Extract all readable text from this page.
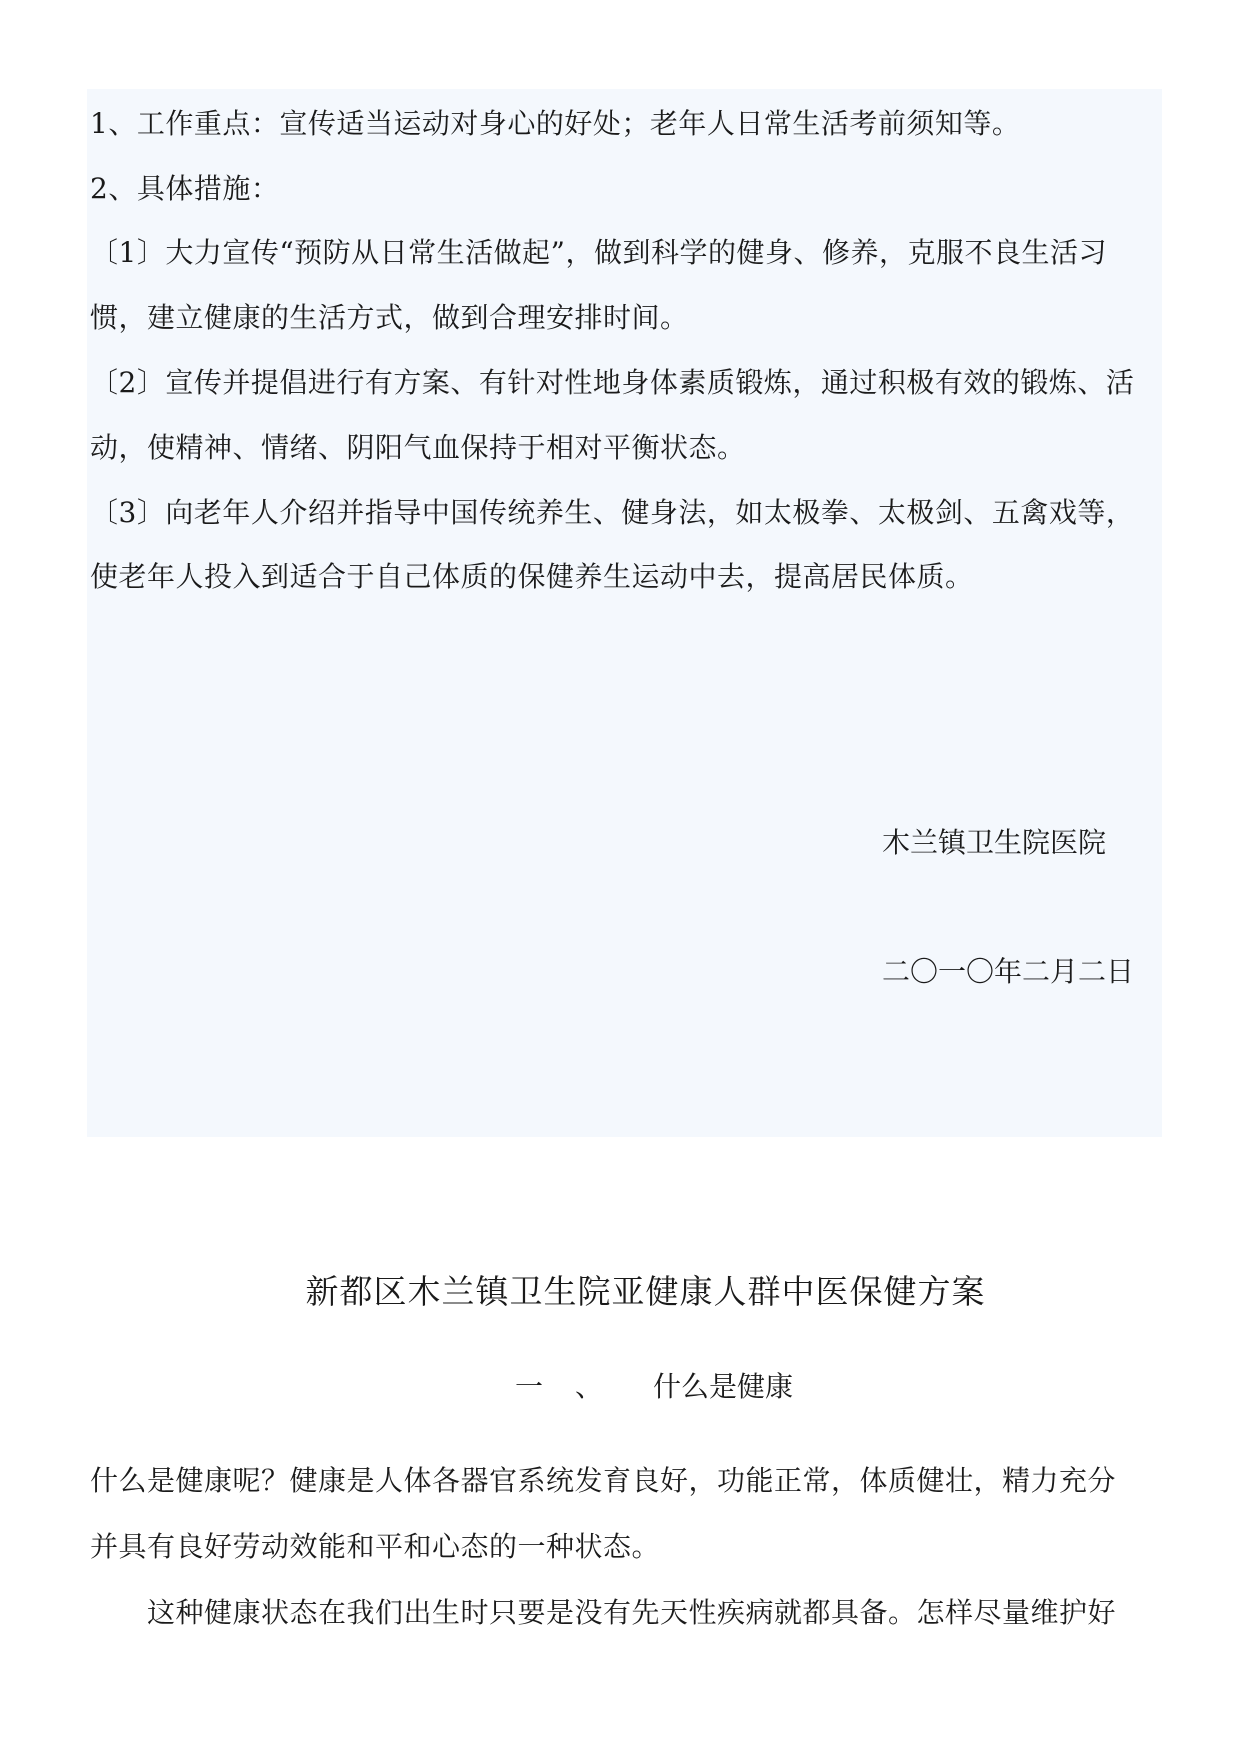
1、工作重点：宣传适当运动对身心的好处；老年人日常生活考前须知等。
2、具体措施：
〔1〕大力宣传“预防从日常生活做起”，做到科学的健身、修养，克服不良生活习
惯，建立健康的生活方式，做到合理安排时间。
〔2〕宣传并提倡进行有方案、有针对性地身体素质锻炼，通过积极有效的锻炼、活
动，使精神、情绪、阴阳气血保持于相对平衡状态。
〔3〕向老年人介绍并指导中国传统养生、健身法，如太极拳、太极剑、五禽戏等，
使老年人投入到适合于自己体质的保健养生运动中去，提高居民体质。
木兰镇卫生院医院
二〇一〇年二月二日
新都区木兰镇卫生院亚健康人群中医保健方案
一 、 什么是健康
什么是健康呢？健康是人体各器官系统发育良好，功能正常，体质健壮，精力充分
并具有良好劳动效能和平和心态的一种状态。
　　这种健康状态在我们出生时只要是没有先天性疾病就都具备。怎样尽量维护好
